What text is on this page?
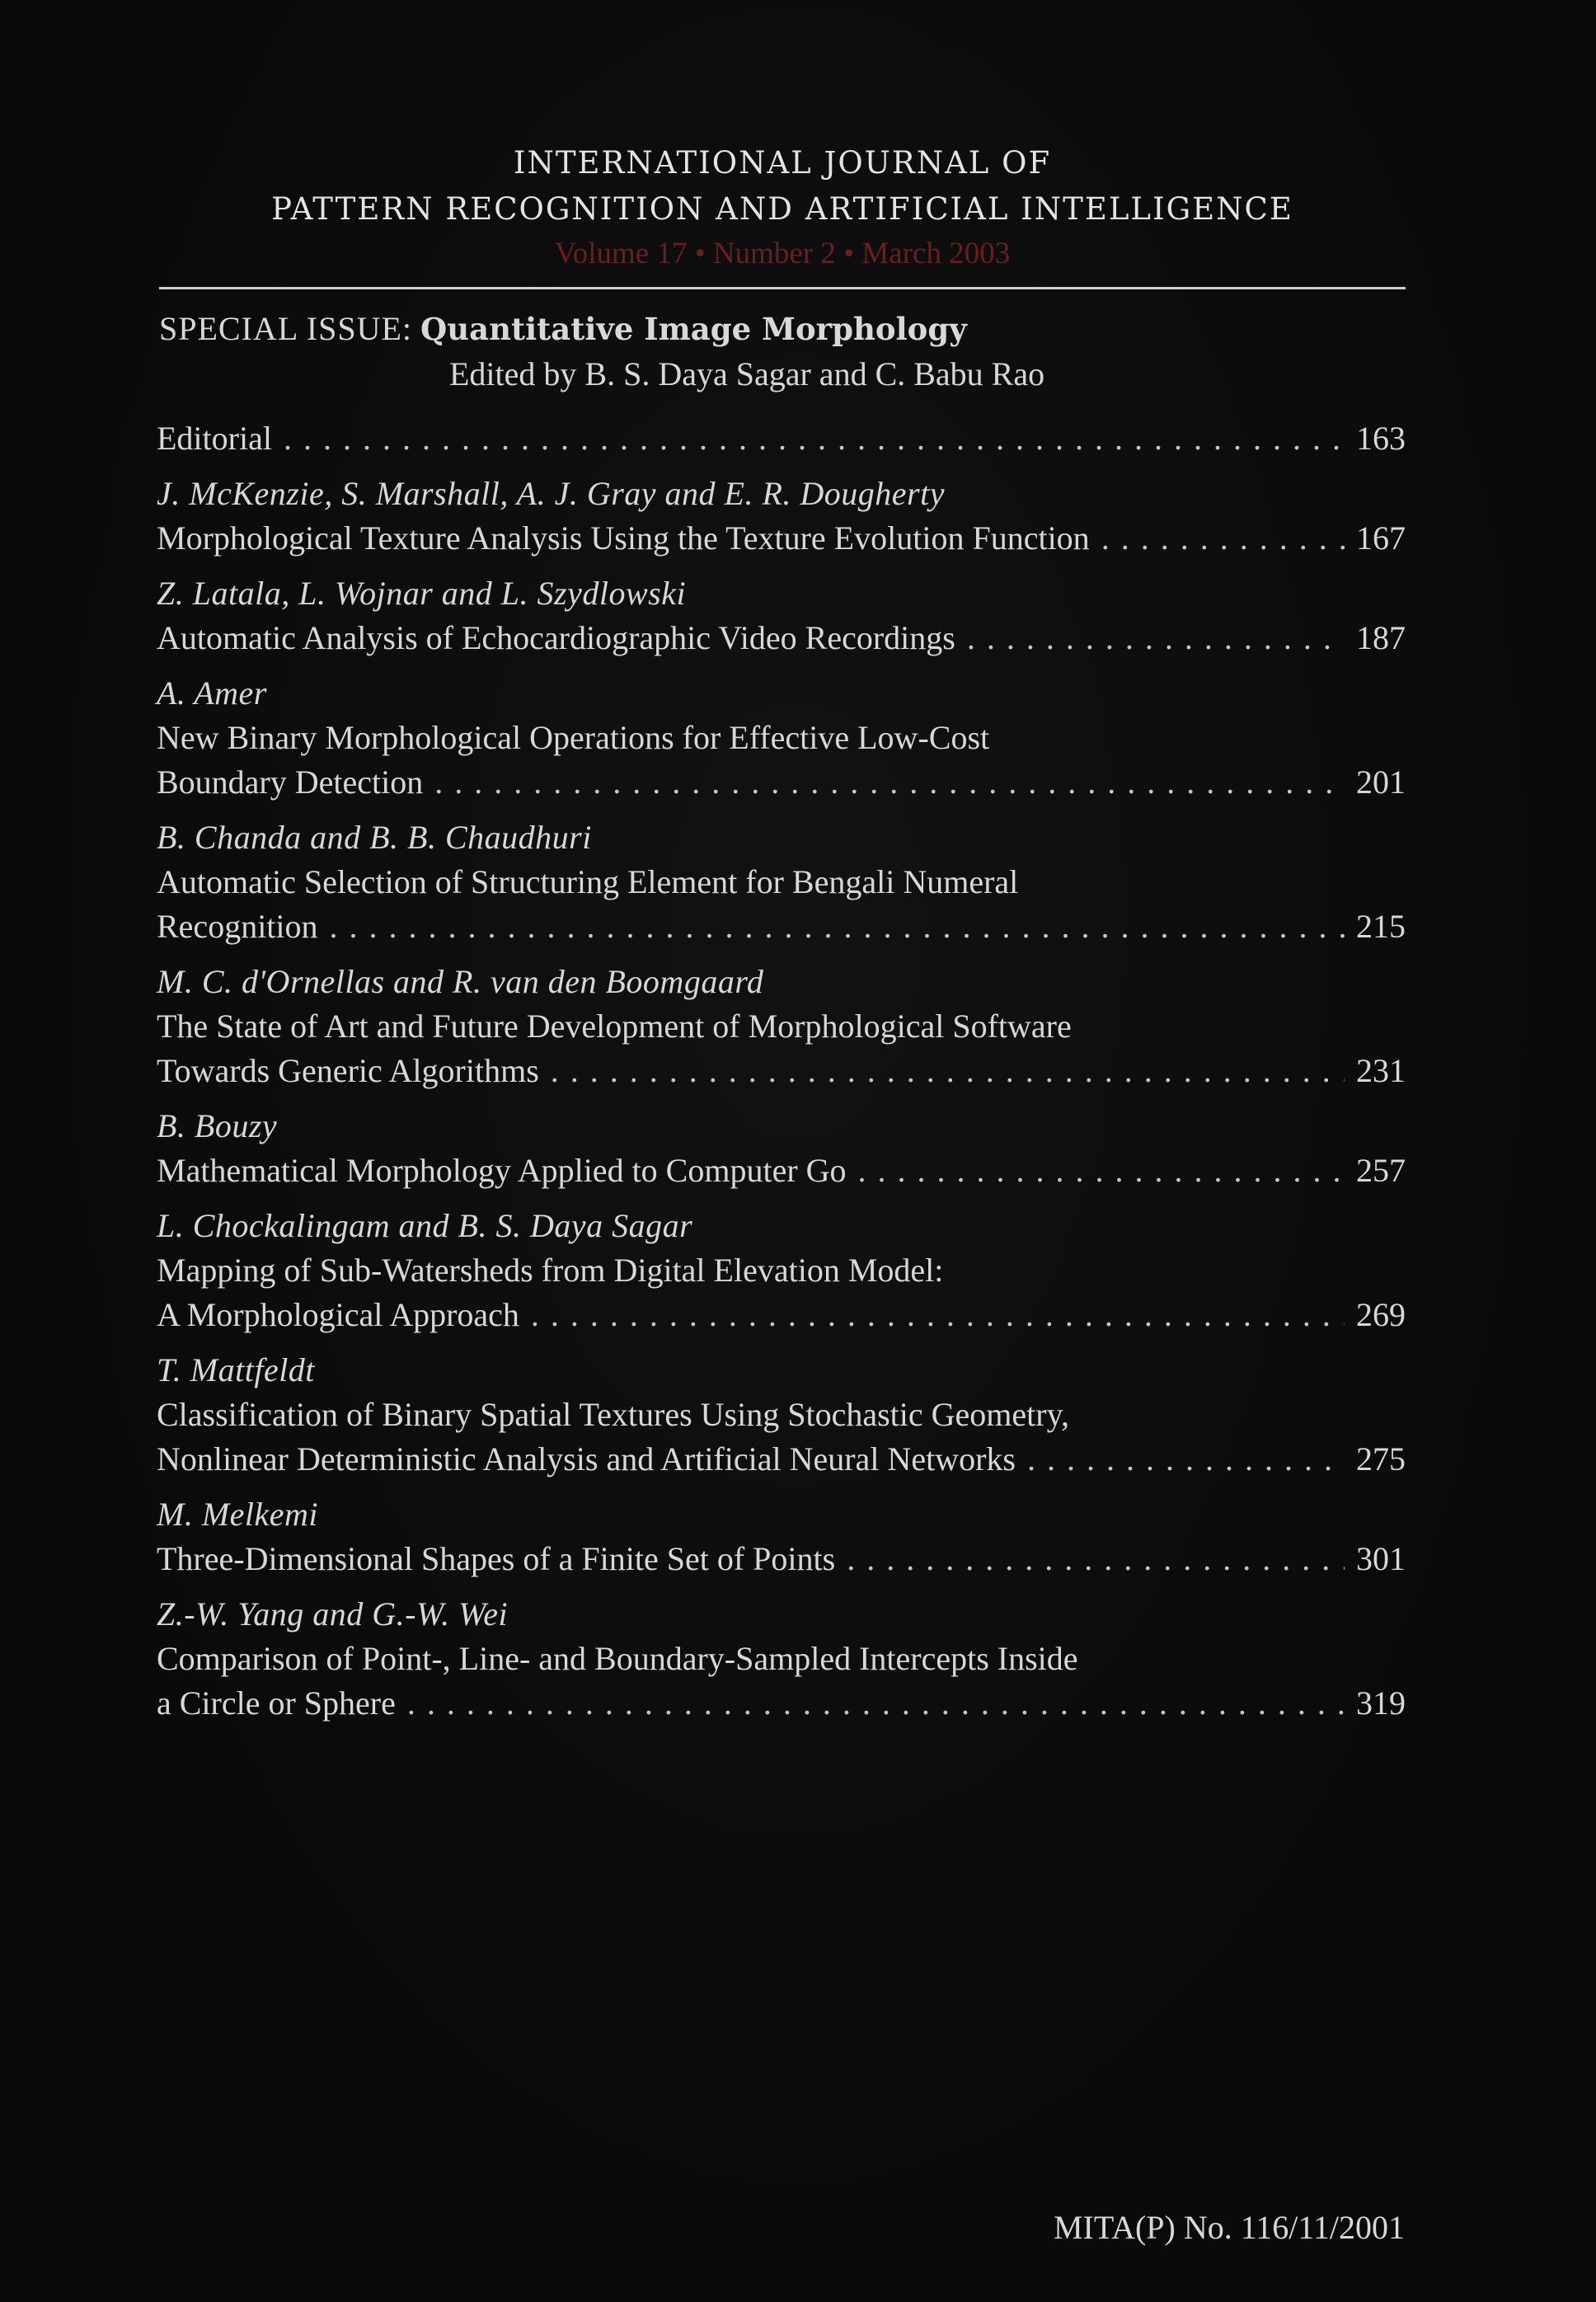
INTERNATIONAL JOURNAL OF
PATTERN RECOGNITION AND ARTIFICIAL INTELLIGENCE
Volume 17 • Number 2 • March 2003
SPECIAL ISSUE: Quantitative Image Morphology
Edited by B. S. Daya Sagar and C. Babu Rao
Editorial . . .	163
J. McKenzie, S. Marshall, A. J. Gray and E. R. Dougherty
Morphological Texture Analysis Using the Texture Evolution Function . . .	167
Z. Latala, L. Wojnar and L. Szydlowski
Automatic Analysis of Echocardiographic Video Recordings . . .	187
A. Amer
New Binary Morphological Operations for Effective Low-Cost
Boundary Detection . . .	201
B. Chanda and B. B. Chaudhuri
Automatic Selection of Structuring Element for Bengali Numeral
Recognition . . .	215
M. C. d'Ornellas and R. van den Boomgaard
The State of Art and Future Development of Morphological Software
Towards Generic Algorithms . . .	231
B. Bouzy
Mathematical Morphology Applied to Computer Go . . .	257
L. Chockalingam and B. S. Daya Sagar
Mapping of Sub-Watersheds from Digital Elevation Model:
A Morphological Approach . . .	269
T. Mattfeldt
Classification of Binary Spatial Textures Using Stochastic Geometry,
Nonlinear Deterministic Analysis and Artificial Neural Networks . . .	275
M. Melkemi
Three-Dimensional Shapes of a Finite Set of Points . . .	301
Z.-W. Yang and G.-W. Wei
Comparison of Point-, Line- and Boundary-Sampled Intercepts Inside
a Circle or Sphere . . .	319
MITA(P) No. 116/11/2001
